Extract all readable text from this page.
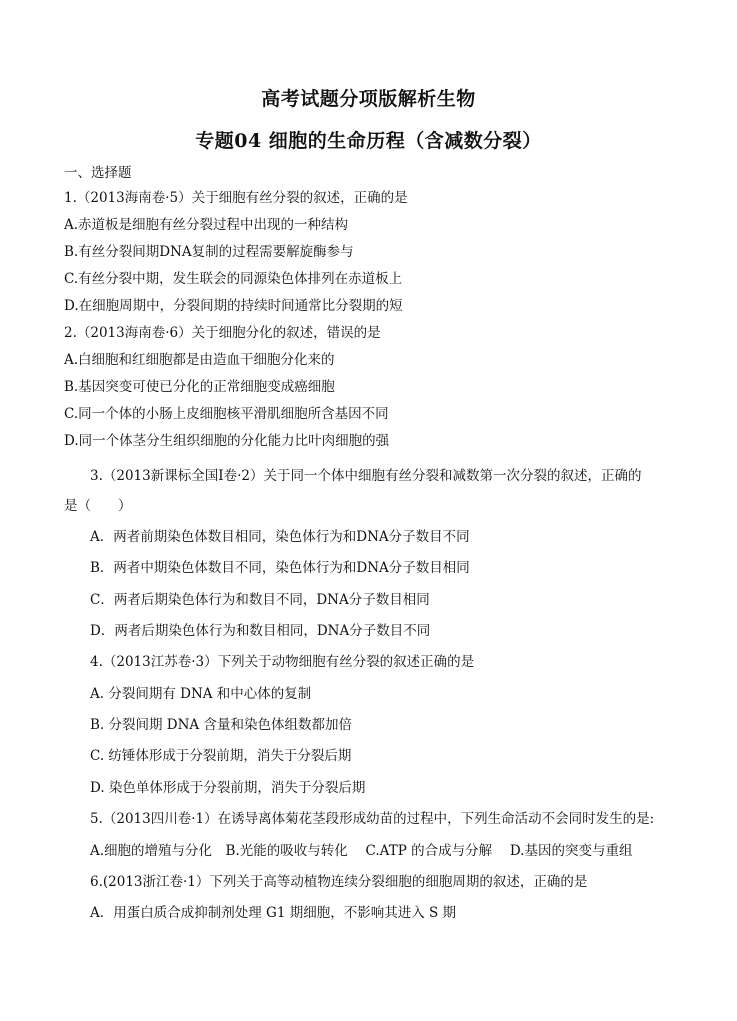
高考试题分项版解析生物
专题04 细胞的生命历程（含减数分裂）
一、选择题
1.（2013海南卷·5）关于细胞有丝分裂的叙述，正确的是
A.赤道板是细胞有丝分裂过程中出现的一种结构
B.有丝分裂间期DNA复制的过程需要解旋酶参与
C.有丝分裂中期，发生联会的同源染色体排列在赤道板上
D.在细胞周期中，分裂间期的持续时间通常比分裂期的短
2.（2013海南卷·6）关于细胞分化的叙述，错误的是
A.白细胞和红细胞都是由造血干细胞分化来的
B.基因突变可使已分化的正常细胞变成癌细胞
C.同一个体的小肠上皮细胞核平滑肌细胞所含基因不同
D.同一个体茎分生组织细胞的分化能力比叶肉细胞的强
3.（2013新课标全国Ⅰ卷·2）关于同一个体中细胞有丝分裂和减数第一次分裂的叙述，正确的
是（　　）
A．两者前期染色体数目相同，染色体行为和DNA分子数目不同
B．两者中期染色体数目不同，染色体行为和DNA分子数目相同
C．两者后期染色体行为和数目不同，DNA分子数目相同
D．两者后期染色体行为和数目相同，DNA分子数目不同
4.（2013江苏卷·3）下列关于动物细胞有丝分裂的叙述正确的是
A. 分裂间期有 DNA 和中心体的复制
B. 分裂间期 DNA 含量和染色体组数都加倍
C. 纺锤体形成于分裂前期，消失于分裂后期
D. 染色单体形成于分裂前期，消失于分裂后期
5.（2013四川卷·1）在诱导离体菊花茎段形成幼苗的过程中，下列生命活动不会同时发生的是:
A.细胞的增殖与分化　B.光能的吸收与转化　 C.ATP 的合成与分解　 D.基因的突变与重组
6.(2013浙江卷·1）下列关于高等动植物连续分裂细胞的细胞周期的叙述，正确的是
A．用蛋白质合成抑制剂处理 G1 期细胞，不影响其进入 S 期
